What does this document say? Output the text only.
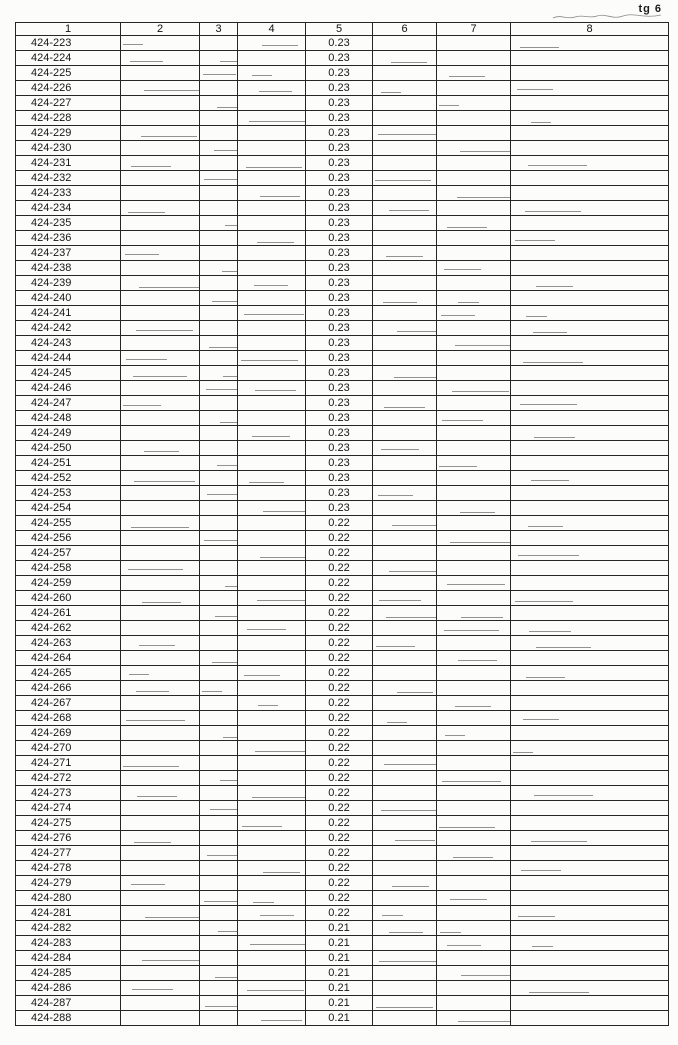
tg 6
1	2	3	4	5	6	7	8
424-223				0.23			

424-224				0.23	

424-225				0.23		

424-226				0.23	

424-227				0.23		

424-228				0.23			

424-229				0.23	

424-230				0.23		

424-231				0.23			

424-232				0.23	

424-233				0.23		

424-234				0.23	

424-235				0.23		

424-236				0.23			

424-237				0.23	

424-238				0.23		

424-239				0.23			

424-240				0.23	

424-241				0.23		

424-242				0.23	

424-243				0.23		

424-244				0.23			

424-245				0.23	

424-246				0.23		

424-247				0.23	

424-248				0.23		

424-249				0.23			

424-250				0.23	

424-251				0.23		

424-252				0.23			

424-253				0.23	

424-254				0.23		

424-255				0.22	

424-256				0.22		

424-257				0.22			

424-258				0.22	

424-259				0.22		

424-260				0.22	

424-261				0.22	

424-262				0.22		

424-263				0.22	

424-264				0.22		

424-265				0.22			

424-266				0.22	

424-267				0.22		

424-268				0.22	

424-269				0.22		

424-270				0.22			

424-271				0.22	

424-272				0.22		

424-273				0.22			

424-274				0.22	

424-275				0.22		

424-276				0.22	

424-277				0.22		

424-278				0.22			

424-279				0.22	

424-280				0.22		

424-281				0.22	

424-282				0.21	

424-283				0.21		

424-284				0.21	

424-285				0.21		

424-286				0.21			

424-287				0.21	

424-288				0.21		
